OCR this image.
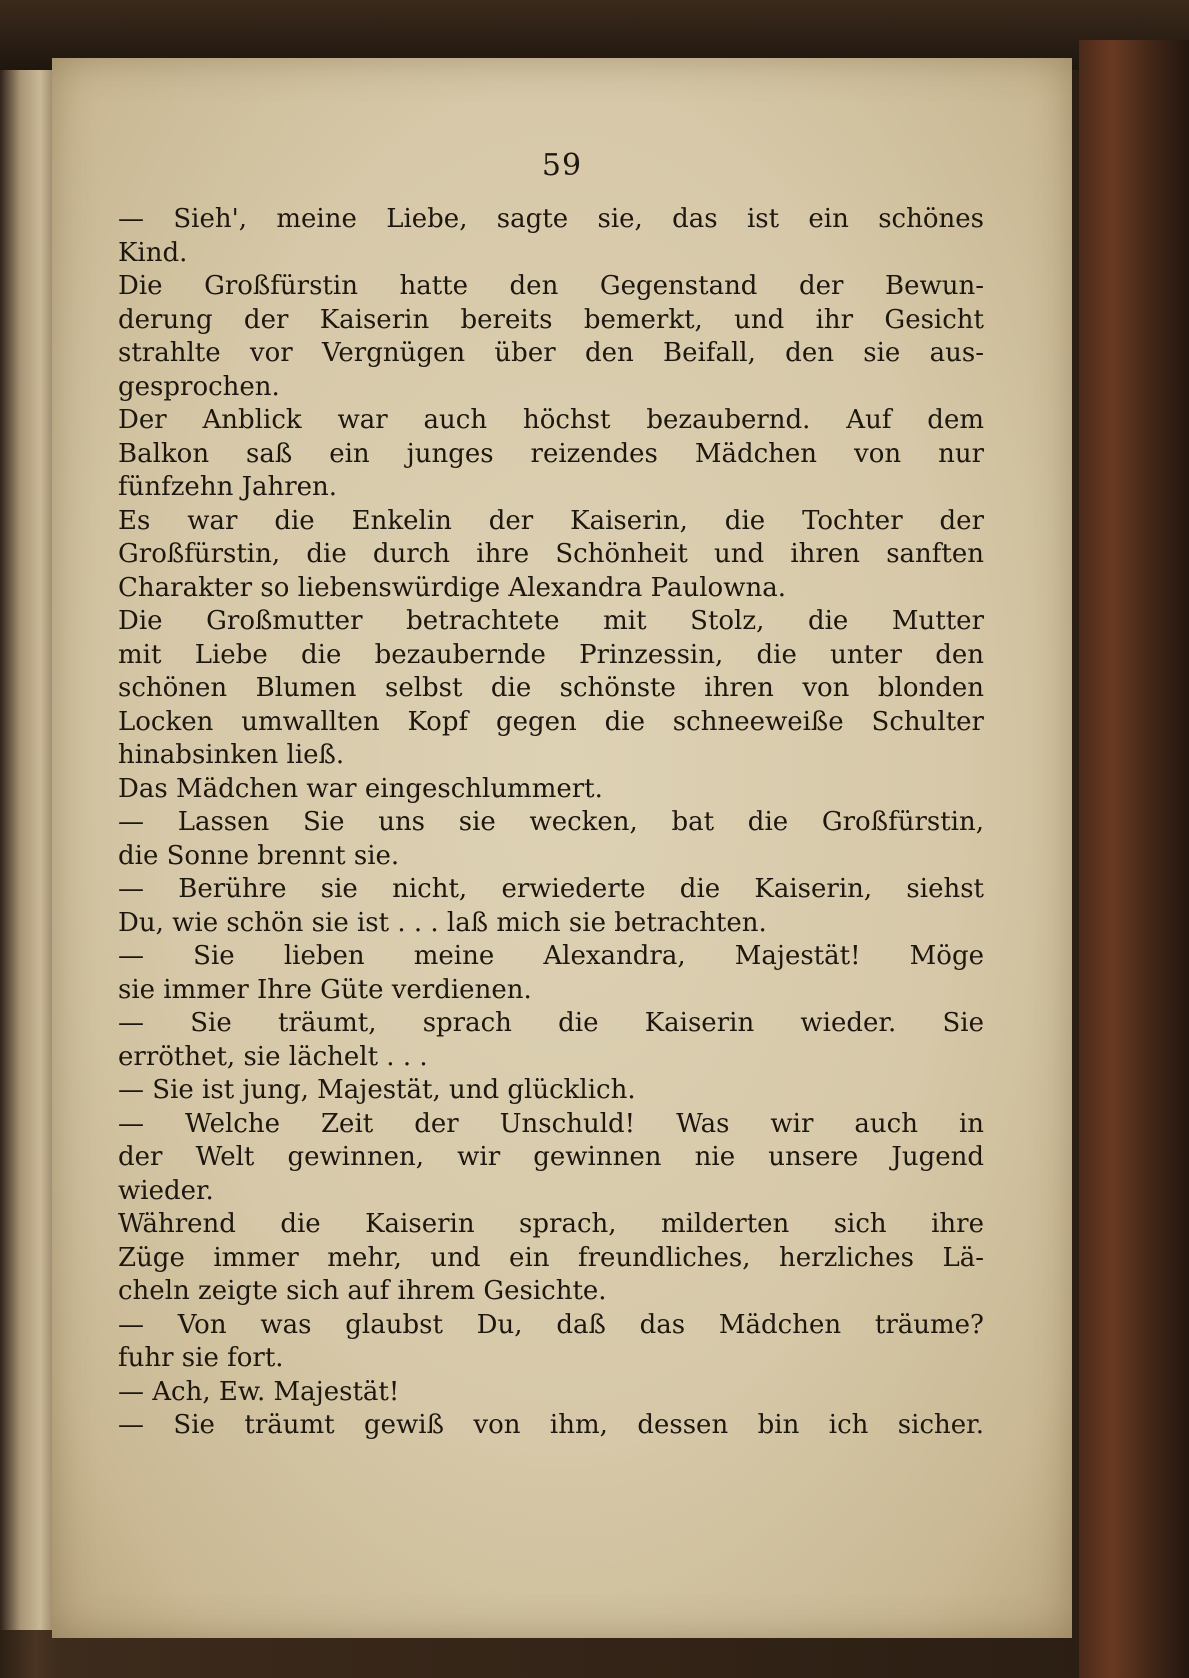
59
— Sieh', meine Liebe, sagte sie, das ist ein schönes
Kind.
Die Großfürstin hatte den Gegenstand der Bewun-
derung der Kaiserin bereits bemerkt, und ihr Gesicht
strahlte vor Vergnügen über den Beifall, den sie aus-
gesprochen.
Der Anblick war auch höchst bezaubernd. Auf dem
Balkon saß ein junges reizendes Mädchen von nur
fünfzehn Jahren.
Es war die Enkelin der Kaiserin, die Tochter der
Großfürstin, die durch ihre Schönheit und ihren sanften
Charakter so liebenswürdige Alexandra Paulowna.
Die Großmutter betrachtete mit Stolz, die Mutter
mit Liebe die bezaubernde Prinzessin, die unter den
schönen Blumen selbst die schönste ihren von blonden
Locken umwallten Kopf gegen die schneeweiße Schulter
hinabsinken ließ.
Das Mädchen war eingeschlummert.
— Lassen Sie uns sie wecken, bat die Großfürstin,
die Sonne brennt sie.
— Berühre sie nicht, erwiederte die Kaiserin, siehst
Du, wie schön sie ist . . . laß mich sie betrachten.
— Sie lieben meine Alexandra, Majestät! Möge
sie immer Ihre Güte verdienen.
— Sie träumt, sprach die Kaiserin wieder. Sie
erröthet, sie lächelt . . .
— Sie ist jung, Majestät, und glücklich.
— Welche Zeit der Unschuld! Was wir auch in
der Welt gewinnen, wir gewinnen nie unsere Jugend
wieder.
Während die Kaiserin sprach, milderten sich ihre
Züge immer mehr, und ein freundliches, herzliches Lä-
cheln zeigte sich auf ihrem Gesichte.
— Von was glaubst Du, daß das Mädchen träume?
fuhr sie fort.
— Ach, Ew. Majestät!
— Sie träumt gewiß von ihm, dessen bin ich sicher.
